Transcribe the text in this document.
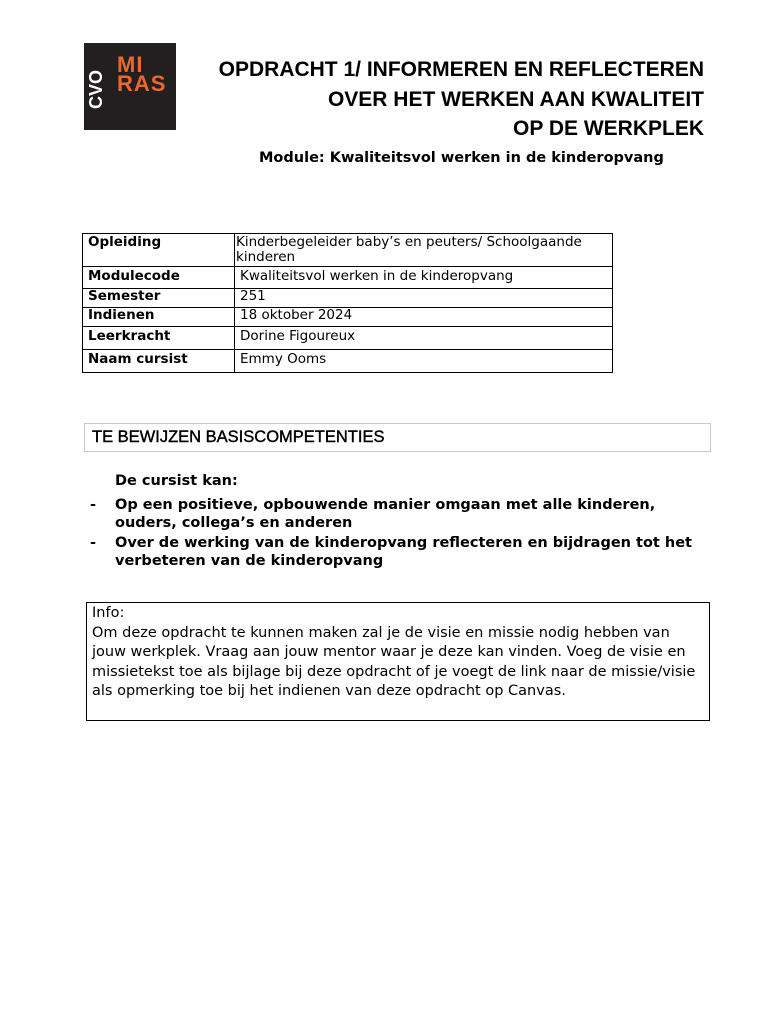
CVO
MI
RAS
OPDRACHT 1/ INFORMEREN EN REFLECTEREN
OVER HET WERKEN AAN KWALITEIT
OP DE WERKPLEK

Module: Kwaliteitsvol werken in de kinderopvang

Opleiding	Kinderbegeleider baby’s en peuters/ Schoolgaande kinderen
Modulecode	Kwaliteitsvol werken in de kinderopvang
Semester	251
Indienen	18 oktober 2024
Leerkracht	Dorine Figoureux
Naam cursist	Emmy Ooms
TE BEWIJZEN BASISCOMPETENTIES

De cursist kan:

- Op een positieve, opbouwende manier omgaan met alle kinderen, ouders, collega’s en anderen
- Over de werking van de kinderopvang reflecteren en bijdragen tot het verbeteren van de kinderopvang

Info:

Om deze opdracht te kunnen maken zal je de visie en missie nodig hebben van jouw werkplek. Vraag aan jouw mentor waar je deze kan vinden. Voeg de visie en missietekst toe als bijlage bij deze opdracht of je voegt de link naar de missie/visie als opmerking toe bij het indienen van deze opdracht op Canvas.
